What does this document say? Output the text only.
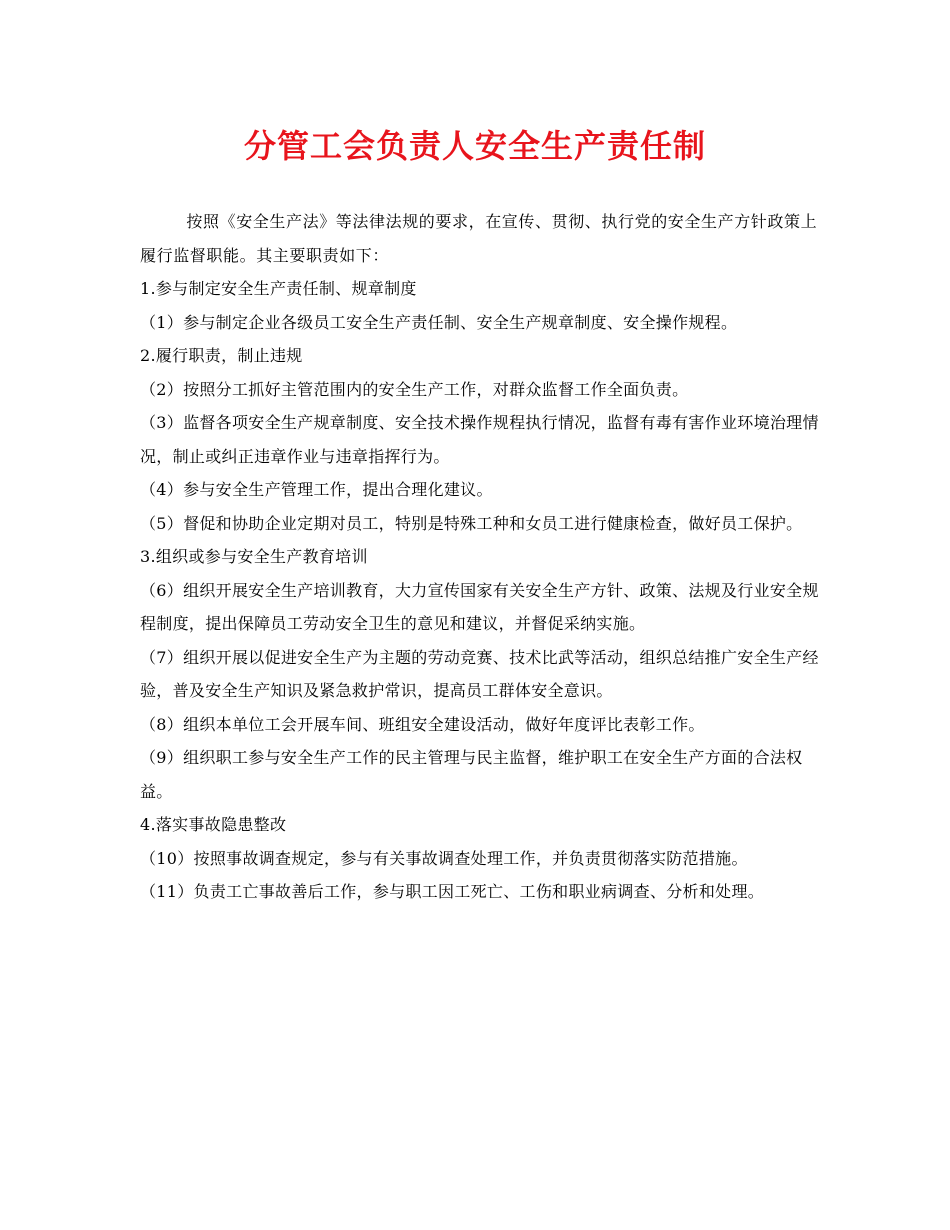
分管工会负责人安全生产责任制

按照《安全生产法》等法律法规的要求，在宣传、贯彻、执行党的安全生产方针政策上履行监督职能。其主要职责如下：

1.参与制定安全生产责任制、规章制度

（1）参与制定企业各级员工安全生产责任制、安全生产规章制度、安全操作规程。

2.履行职责，制止违规

（2）按照分工抓好主管范围内的安全生产工作，对群众监督工作全面负责。

（3）监督各项安全生产规章制度、安全技术操作规程执行情况，监督有毒有害作业环境治理情况，制止或纠正违章作业与违章指挥行为。

（4）参与安全生产管理工作，提出合理化建议。

（5）督促和协助企业定期对员工，特别是特殊工种和女员工进行健康检查，做好员工保护。

3.组织或参与安全生产教育培训

（6）组织开展安全生产培训教育，大力宣传国家有关安全生产方针、政策、法规及行业安全规程制度，提出保障员工劳动安全卫生的意见和建议，并督促采纳实施。

（7）组织开展以促进安全生产为主题的劳动竞赛、技术比武等活动，组织总结推广安全生产经验，普及安全生产知识及紧急救护常识，提高员工群体安全意识。

（8）组织本单位工会开展车间、班组安全建设活动，做好年度评比表彰工作。

（9）组织职工参与安全生产工作的民主管理与民主监督，维护职工在安全生产方面的合法权益。

4.落实事故隐患整改

（10）按照事故调查规定，参与有关事故调查处理工作，并负责贯彻落实防范措施。

（11）负责工亡事故善后工作，参与职工因工死亡、工伤和职业病调查、分析和处理。
